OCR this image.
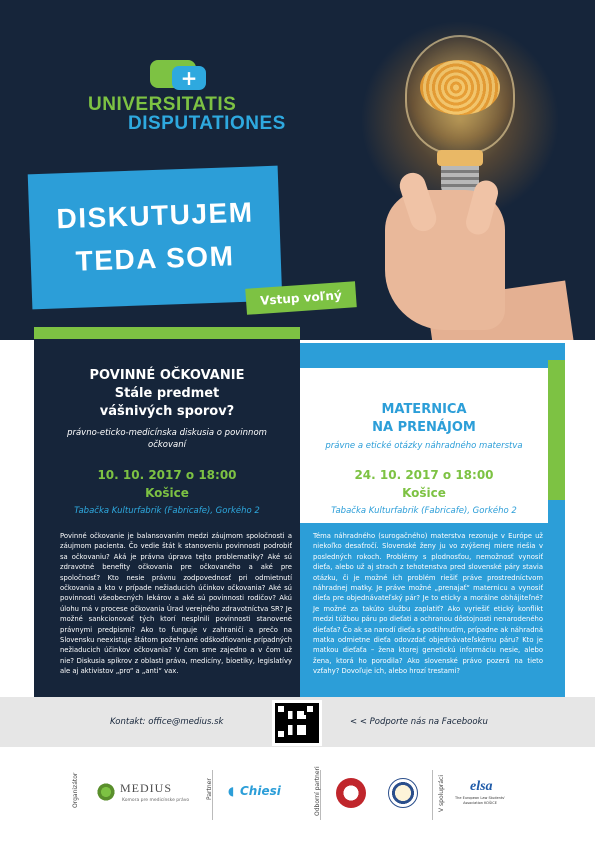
+
UNIVERSITATIS
DISPUTATIONES
DISKUTUJEM
TEDA SOM
Vstup voľný
POVINNÉ OČKOVANIE
Stále predmet
vášnivých sporov?
právno-eticko-medicínska diskusia o povinnom očkovaní
10. 10. 2017 o 18:00
Košice
Tabačka Kulturfabrik (Fabricafe), Gorkého 2
Povinné očkovanie je balansovaním medzi záujmom spoločnosti a záujmom pacienta. Čo vedie štát k stanoveniu povinnosti podrobiť sa očkovaniu? Aká je právna úprava tejto problematiky? Aké sú zdravotné benefity očkovania pre očkovaného a aké pre spoločnosť? Kto nesie právnu zodpovednosť pri odmietnutí očkovania a kto v prípade nežiaducich účinkov očkovania? Aké sú povinnosti všeobecných lekárov a aké sú povinnosti rodičov? Akú úlohu má v procese očkovania Úrad verejného zdravotníctva SR? Je možné sankcionovať tých ktorí nesplnili povinnosti stanovené právnymi predpismi? Ako to funguje v zahraničí a prečo na Slovensku neexistuje štátom požehnané odškodňovanie prípadných nežiaducich účinkov očkovania? V čom sme zajedno a v čom už nie? Diskusia spíkrov z oblasti práva, medicíny, bioetiky, legislatívy ale aj aktivistov „pro“ a „anti“ vax.
MATERNICA
NA PRENÁJOM
právne a etické otázky náhradného materstva
24. 10. 2017 o 18:00
Košice
Tabačka Kulturfabrik (Fabricafe), Gorkého 2
Téma náhradného (surogačného) materstva rezonuje v Európe už niekoľko desaťročí. Slovenské ženy ju vo zvýšenej miere riešia v posledných rokoch. Problémy s plodnosťou, nemožnosť vynosiť dieťa, alebo už aj strach z tehotenstva pred slovenské páry stavia otázku, či je možné ich problém riešiť práve prostredníctvom náhradnej matky. Je práve možné „prenajať“ maternicu a vynosiť dieťa pre objednávateľský pár? Je to eticky a morálne obhájiteľné? Je možné za takúto službu zaplatiť? Ako vyriešiť etický konflikt medzi túžbou páru po dieťati a ochranou dôstojnosti nenarodeného dieťaťa? Čo ak sa narodí dieťa s postihnutím, prípadne ak náhradná matka odmietne dieťa odovzdať objednávateľskému páru? Kto je matkou dieťaťa – žena ktorej genetickú informáciu nesie, alebo žena, ktorá ho porodila? Ako slovenské právo pozerá na tieto vzťahy? Dovoľuje ich, alebo hrozí trestami?
Kontakt: office@medius.sk	< < Podporte nás na Facebooku
Organizátor	MEDIUS
Komora pre medicínske právo
Partner ◖ Chiesi	Odborní partneri	V spolupráci elsa
The European Law Students' Association KOŠICE
